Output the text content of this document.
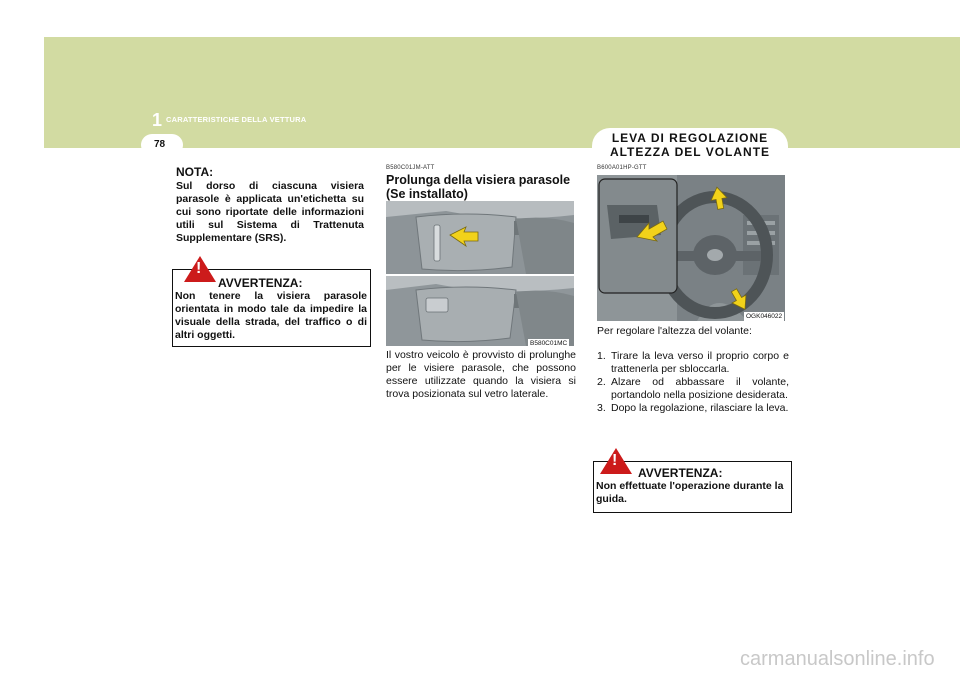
1 CARATTERISTICHE DELLA VETTURA
78	LEVA DI REGOLAZIONE
ALTEZZA DEL VOLANTE
NOTA:
Sul dorso di ciascuna visiera parasole è applicata un'etichetta su cui sono riportate delle informazioni utili sul Sistema di Trattenuta Supplementare (SRS).
!
AVVERTENZA:
Non tenere la visiera parasole orientata in modo tale da impedire la visuale della strada, del traffico o di altri oggetti.
B580C01JM-ATT
Prolunga della visiera parasole (Se installato)
B580C01MC
Il vostro veicolo è provvisto di prolunghe per le visiere parasole, che possono essere utilizzate quando la visiera si trova posizionata sul vetro laterale.
B600A01HP-GTT
OGK046022
Per regolare l'altezza del volante:
1. Tirare la leva verso il proprio corpo e trattenerla per sbloccarla.
2. Alzare od abbassare il volante, portandolo nella posizione desiderata.
3. Dopo la regolazione, rilasciare la leva.
!
AVVERTENZA:
Non effettuate l'operazione durante la guida.
carmanualsonline.info
